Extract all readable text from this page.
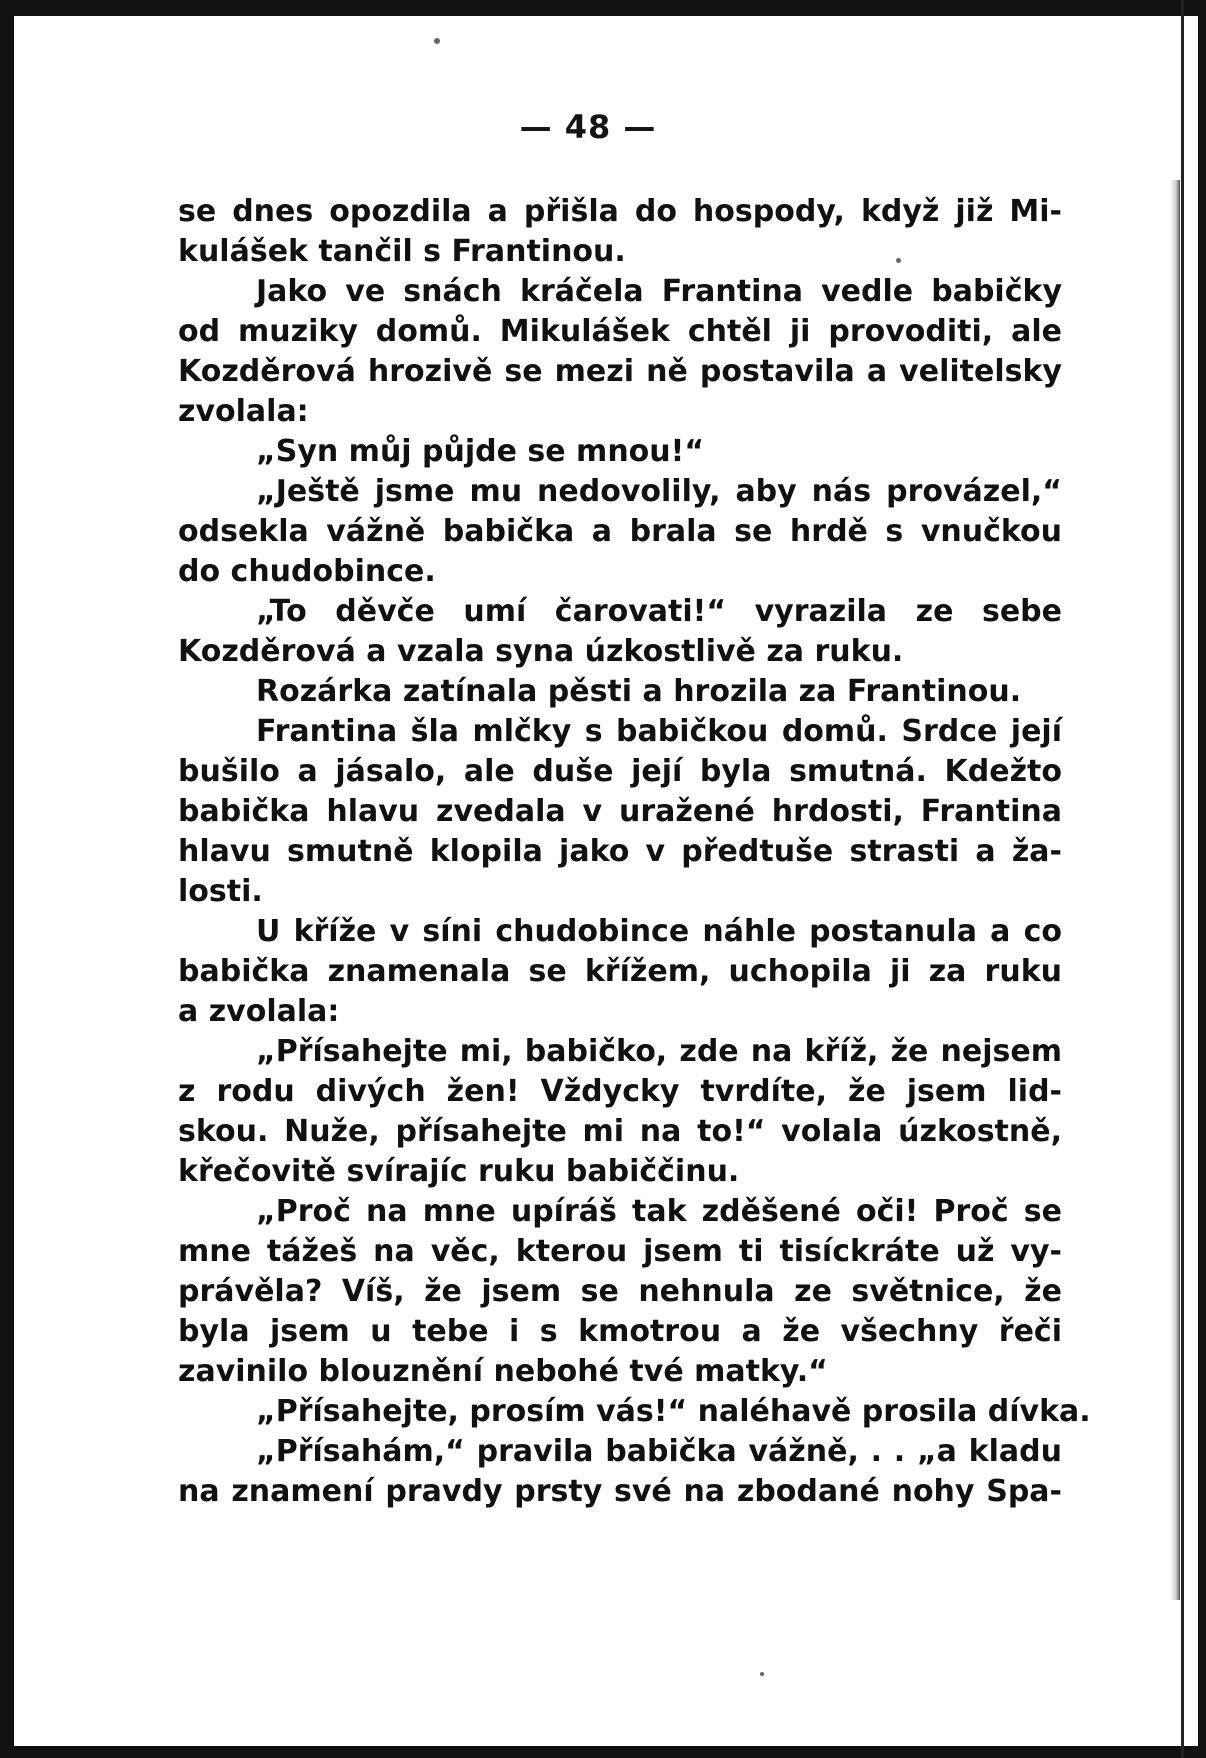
— 48 —
se dnes opozdila a přišla do hospody, když již Mi-
kulášek tančil s Frantinou.
Jako ve snách kráčela Frantina vedle babičky
od muziky domů. Mikulášek chtěl ji provoditi, ale
Kozděrová hrozivě se mezi ně postavila a velitelsky
zvolala:
„Syn můj půjde se mnou!“
„Ještě jsme mu nedovolily, aby nás provázel,“
odsekla vážně babička a brala se hrdě s vnučkou
do chudobince.
„To děvče umí čarovati!“ vyrazila ze sebe
Kozděrová a vzala syna úzkostlivě za ruku.
Rozárka zatínala pěsti a hrozila za Frantinou.
Frantina šla mlčky s babičkou domů. Srdce její
bušilo a jásalo, ale duše její byla smutná. Kdežto
babička hlavu zvedala v uražené hrdosti, Frantina
hlavu smutně klopila jako v předtuše strasti a ža-
losti.
U kříže v síni chudobince náhle postanula a co
babička znamenala se křížem, uchopila ji za ruku
a zvolala:
„Přísahejte mi, babičko, zde na kříž, že nejsem
z rodu divých žen! Vždycky tvrdíte, že jsem lid-
skou. Nuže, přísahejte mi na to!“ volala úzkostně,
křečovitě svírajíc ruku babiččinu.
„Proč na mne upíráš tak zděšené oči! Proč se
mne tážeš na věc, kterou jsem ti tisíckráte už vy-
právěla? Víš, že jsem se nehnula ze světnice, že
byla jsem u tebe i s kmotrou a že všechny řeči
zavinilo blouznění nebohé tvé matky.“
„Přísahejte, prosím vás!“ naléhavě prosila dívka.
„Přísahám,“ pravila babička vážně, . . „a kladu
na znamení pravdy prsty své na zbodané nohy Spa-
